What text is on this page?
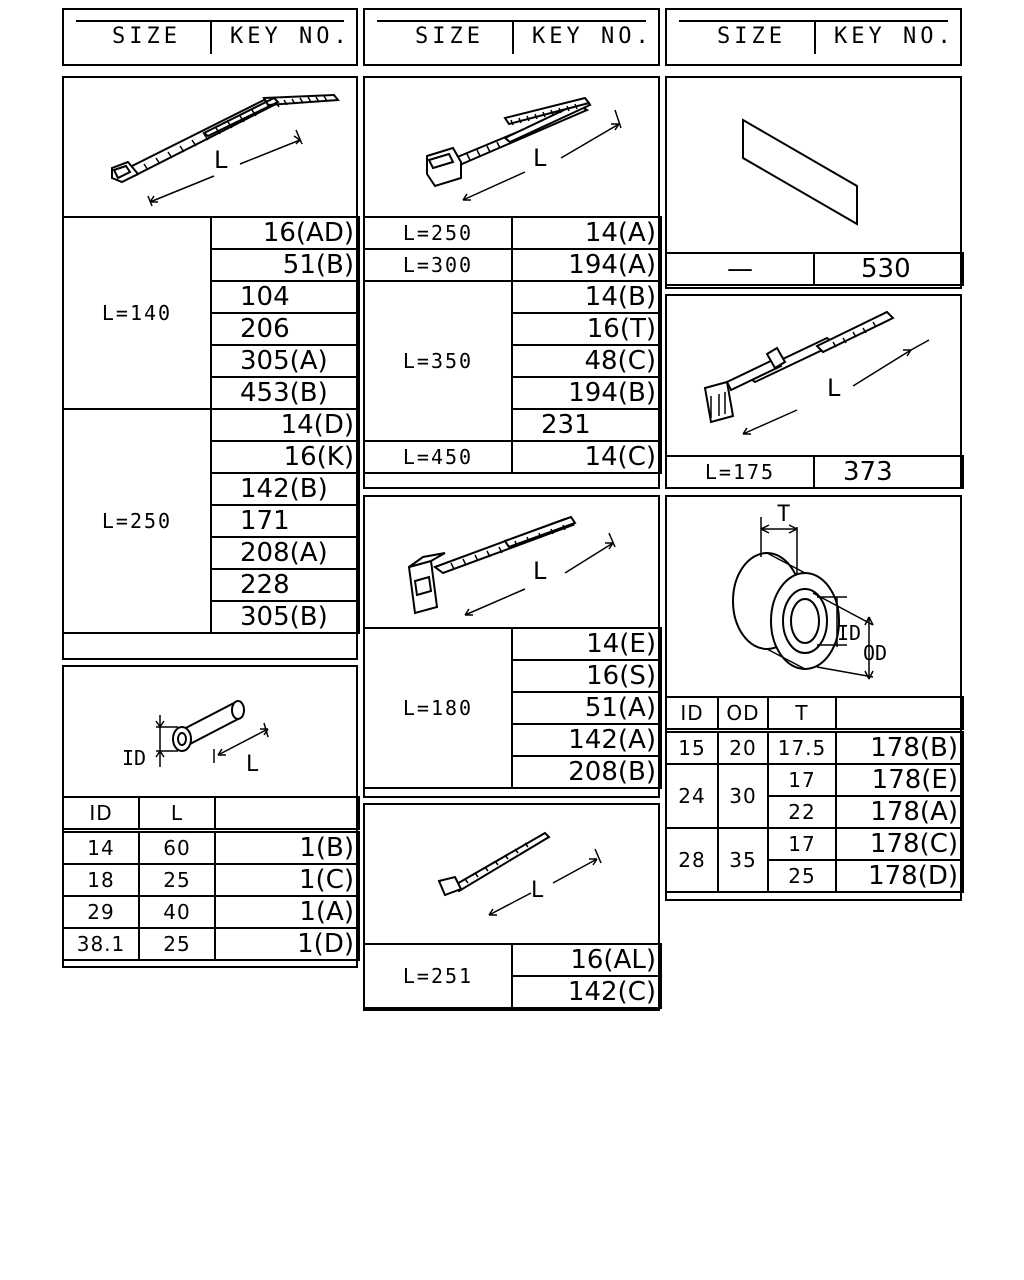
SIZE KEY NO.	SIZE KEY NO.	SIZE KEY NO.
L
L=140	16(AD)
	51(B)
	104
	206
	305(A)
	453(B)
L=250	14(D)
	16(K)
	142(B)
	171
	208(A)
	228
	305(B)
L
L=250	14(A)
L=300	194(A)
L=350	14(B)
	16(T)
	48(C)
	194(B)
	231
L=450	14(C)
—	530
L
L=175	373
T
ID
OD
ID	OD	T	
15	20	17.5	178(B)
24	30	17	178(E)
		22	178(A)
28	35	17	178(C)
		25	178(D)
L
L=180	14(E)
16(S)
51(A)
142(A)
208(B)
ID	L
ID	L	
14	60	1(B)
18	25	1(C)
29	40	1(A)
38.1	25	1(D)
L
L=251	16(AL)
142(C)
